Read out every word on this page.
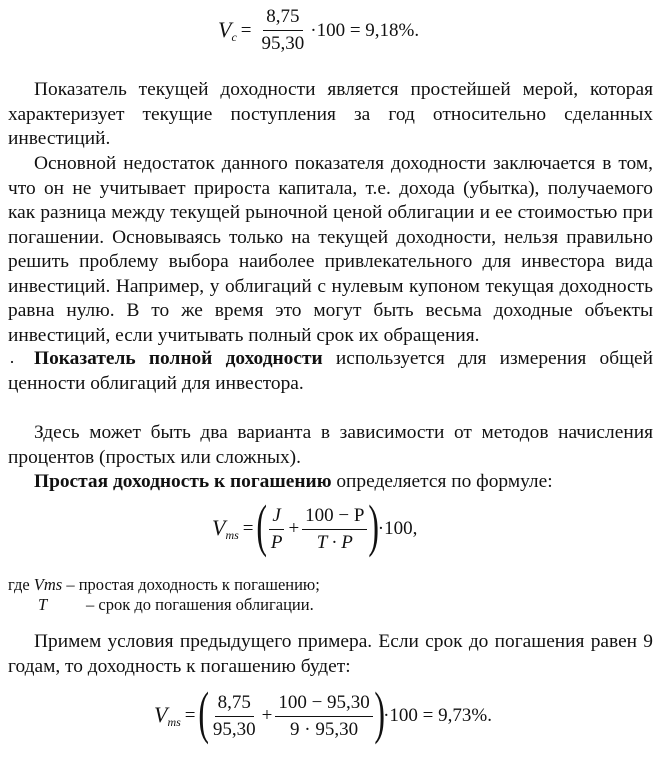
$V_c = \frac{8,75}{95,30} \cdot 100 = 9,18\%$.

Показатель текущей доходности является простейшей мерой, которая характеризует текущие поступления за год относительно сделанных инвестиций.

Основной недостаток данного показателя доходности заключается в том, что он не учитывает прироста капитала, т.е. дохода (убытка), получаемого как разница между текущей рыночной ценой облигации и ее стоимостью при погашении. Основываясь только на текущей доходности, нельзя правильно решить проблему выбора наиболее привлекательного для инвестора вида инвестиций. Например, у облигаций с нулевым купоном текущая доходность равна нулю. В то же время это могут быть весьма доходные объекты инвестиций, если учитывать полный срок их обращения.

· Показатель полной доходности используется для измерения общей ценности облигаций для инвестора.

Здесь может быть два варианта в зависимости от методов начисления процентов (простых или сложных).

Простая доходность к погашению определяется по формуле:

$V_{ms}$ = ( $\frac{J}{P} + \frac{100 - P}{T \cdot P}$ )
·100,
где Vms – простая доходность к погашению;
T – срок до погашения облигации.

Примем условия предыдущего примера. Если срок до погашения равен 9 годам, то доходность к погашению будет:

$V_{ms}$ = ( $\frac{8,75}{95,30} + \frac{100 - 95,30}{9 \cdot 95,30}$ )
·100 = 9,73%.
